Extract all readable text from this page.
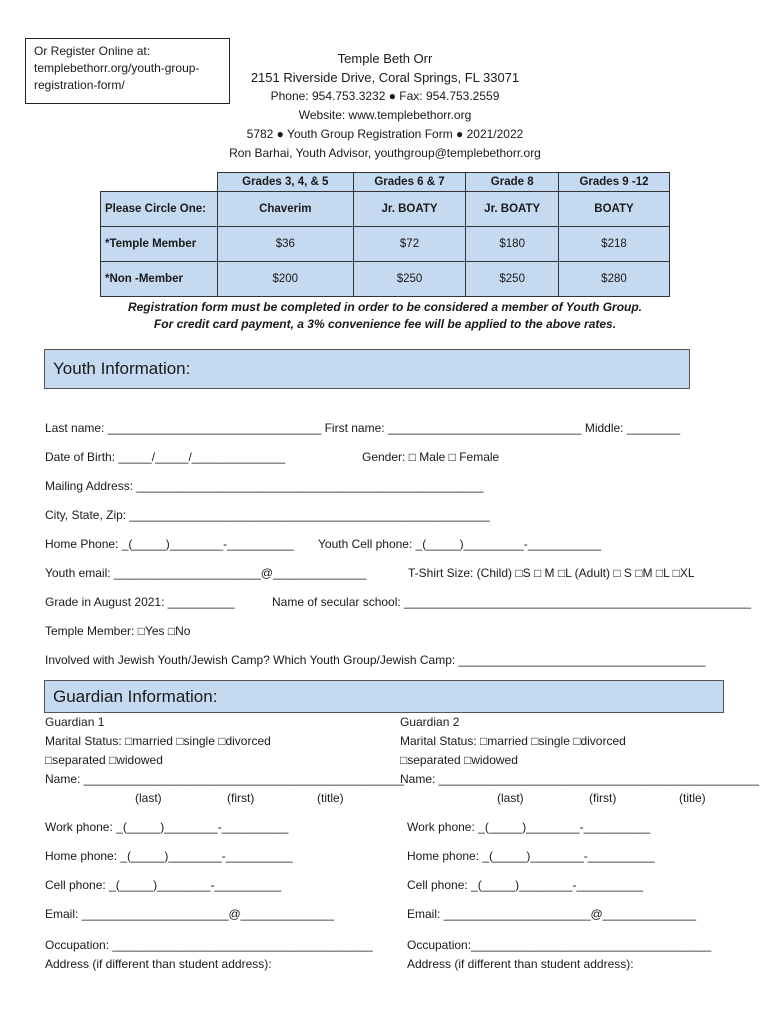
Or Register Online at:
templebethorr.org/youth-group-
registration-form/
Temple Beth Orr
2151 Riverside Drive, Coral Springs, FL 33071
Phone: 954.753.3232 ● Fax: 954.753.2559
Website: www.templebethorr.org
5782 ● Youth Group Registration Form ● 2021/2022
Ron Barhai, Youth Advisor, youthgroup@templebethorr.org
	Grades 3, 4, & 5	Grades 6 & 7	Grade 8	Grades 9 -12
Please Circle One:	Chaverim	Jr. BOATY	Jr. BOATY	BOATY
*Temple Member	$36	$72	$180	$218
*Non -Member	$200	$250	$250	$280
Registration form must be completed in order to be considered a member of Youth Group.
For credit card payment, a 3% convenience fee will be applied to the above rates.
Youth Information:
Last name: ________________________________ First name: _____________________________ Middle: ________
Date of Birth: _____/_____/______________	Gender: □ Male □ Female
Mailing Address: ____________________________________________________
City, State, Zip: ______________________________________________________
Home Phone: _(_____)________-__________ Youth Cell phone: _(_____)_________-___________
Youth email: ______________________@______________	T-Shirt Size: (Child) □S □ M □L (Adult) □ S □M □L □XL
Grade in August 2021: __________	Name of secular school: ____________________________________________________
Temple Member: □Yes □No
Involved with Jewish Youth/Jewish Camp? Which Youth Group/Jewish Camp: _____________________________________
Guardian Information:
Guardian 1
Marital Status: □married □single □divorced
□separated □widowed
Name: ________________________________________________
(last)	(first)	(title)
Work phone: _(_____)________-__________
Home phone: _(_____)________-__________
Cell phone: _(_____)________-__________
Email: ______________________@______________
Occupation: _______________________________________
Address (if different than student address):
Guardian 2
Marital Status: □married □single □divorced
□separated □widowed
Name: ________________________________________________
(last)	(first)	(title)
Work phone: _(_____)________-__________
Home phone: _(_____)________-__________
Cell phone: _(_____)________-__________
Email: ______________________@______________
Occupation:____________________________________
Address (if different than student address):
